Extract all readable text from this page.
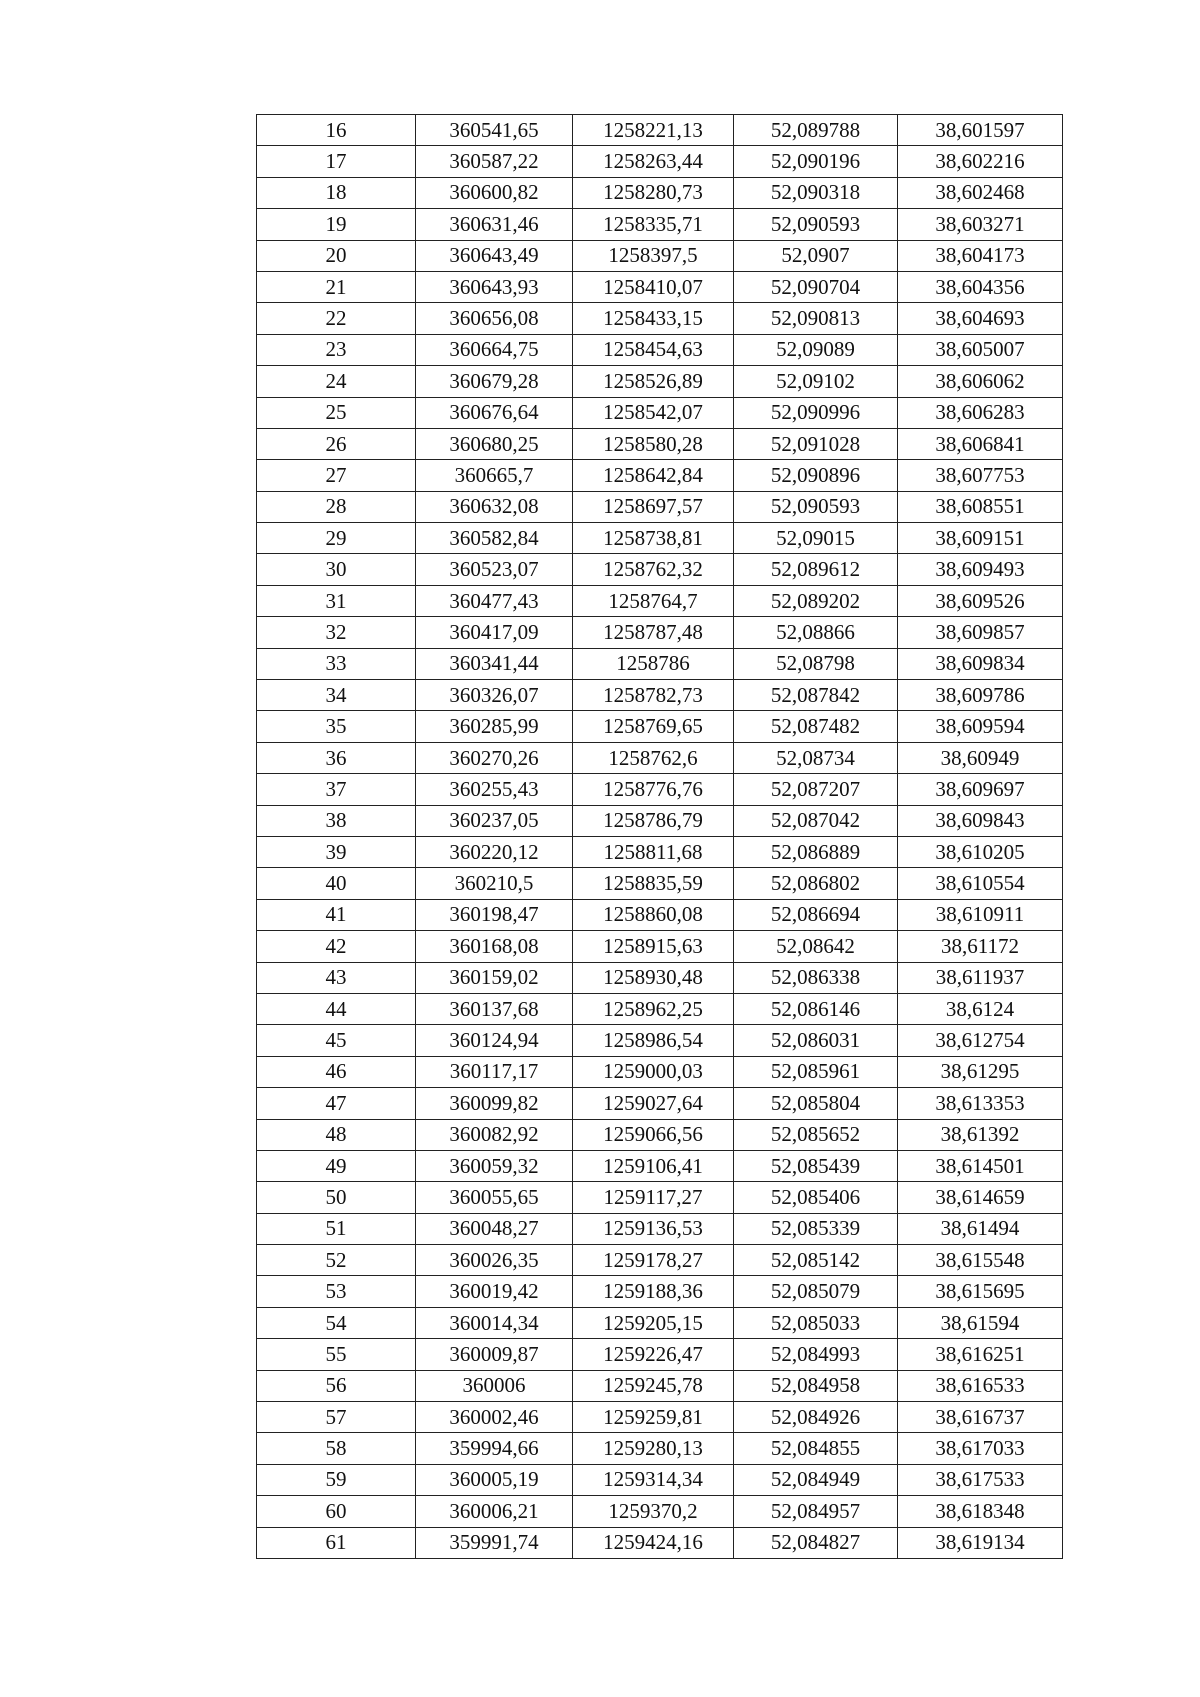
16	360541,65	1258221,13	52,089788	38,601597
17	360587,22	1258263,44	52,090196	38,602216
18	360600,82	1258280,73	52,090318	38,602468
19	360631,46	1258335,71	52,090593	38,603271
20	360643,49	1258397,5	52,0907	38,604173
21	360643,93	1258410,07	52,090704	38,604356
22	360656,08	1258433,15	52,090813	38,604693
23	360664,75	1258454,63	52,09089	38,605007
24	360679,28	1258526,89	52,09102	38,606062
25	360676,64	1258542,07	52,090996	38,606283
26	360680,25	1258580,28	52,091028	38,606841
27	360665,7	1258642,84	52,090896	38,607753
28	360632,08	1258697,57	52,090593	38,608551
29	360582,84	1258738,81	52,09015	38,609151
30	360523,07	1258762,32	52,089612	38,609493
31	360477,43	1258764,7	52,089202	38,609526
32	360417,09	1258787,48	52,08866	38,609857
33	360341,44	1258786	52,08798	38,609834
34	360326,07	1258782,73	52,087842	38,609786
35	360285,99	1258769,65	52,087482	38,609594
36	360270,26	1258762,6	52,08734	38,60949
37	360255,43	1258776,76	52,087207	38,609697
38	360237,05	1258786,79	52,087042	38,609843
39	360220,12	1258811,68	52,086889	38,610205
40	360210,5	1258835,59	52,086802	38,610554
41	360198,47	1258860,08	52,086694	38,610911
42	360168,08	1258915,63	52,08642	38,61172
43	360159,02	1258930,48	52,086338	38,611937
44	360137,68	1258962,25	52,086146	38,6124
45	360124,94	1258986,54	52,086031	38,612754
46	360117,17	1259000,03	52,085961	38,61295
47	360099,82	1259027,64	52,085804	38,613353
48	360082,92	1259066,56	52,085652	38,61392
49	360059,32	1259106,41	52,085439	38,614501
50	360055,65	1259117,27	52,085406	38,614659
51	360048,27	1259136,53	52,085339	38,61494
52	360026,35	1259178,27	52,085142	38,615548
53	360019,42	1259188,36	52,085079	38,615695
54	360014,34	1259205,15	52,085033	38,61594
55	360009,87	1259226,47	52,084993	38,616251
56	360006	1259245,78	52,084958	38,616533
57	360002,46	1259259,81	52,084926	38,616737
58	359994,66	1259280,13	52,084855	38,617033
59	360005,19	1259314,34	52,084949	38,617533
60	360006,21	1259370,2	52,084957	38,618348
61	359991,74	1259424,16	52,084827	38,619134
